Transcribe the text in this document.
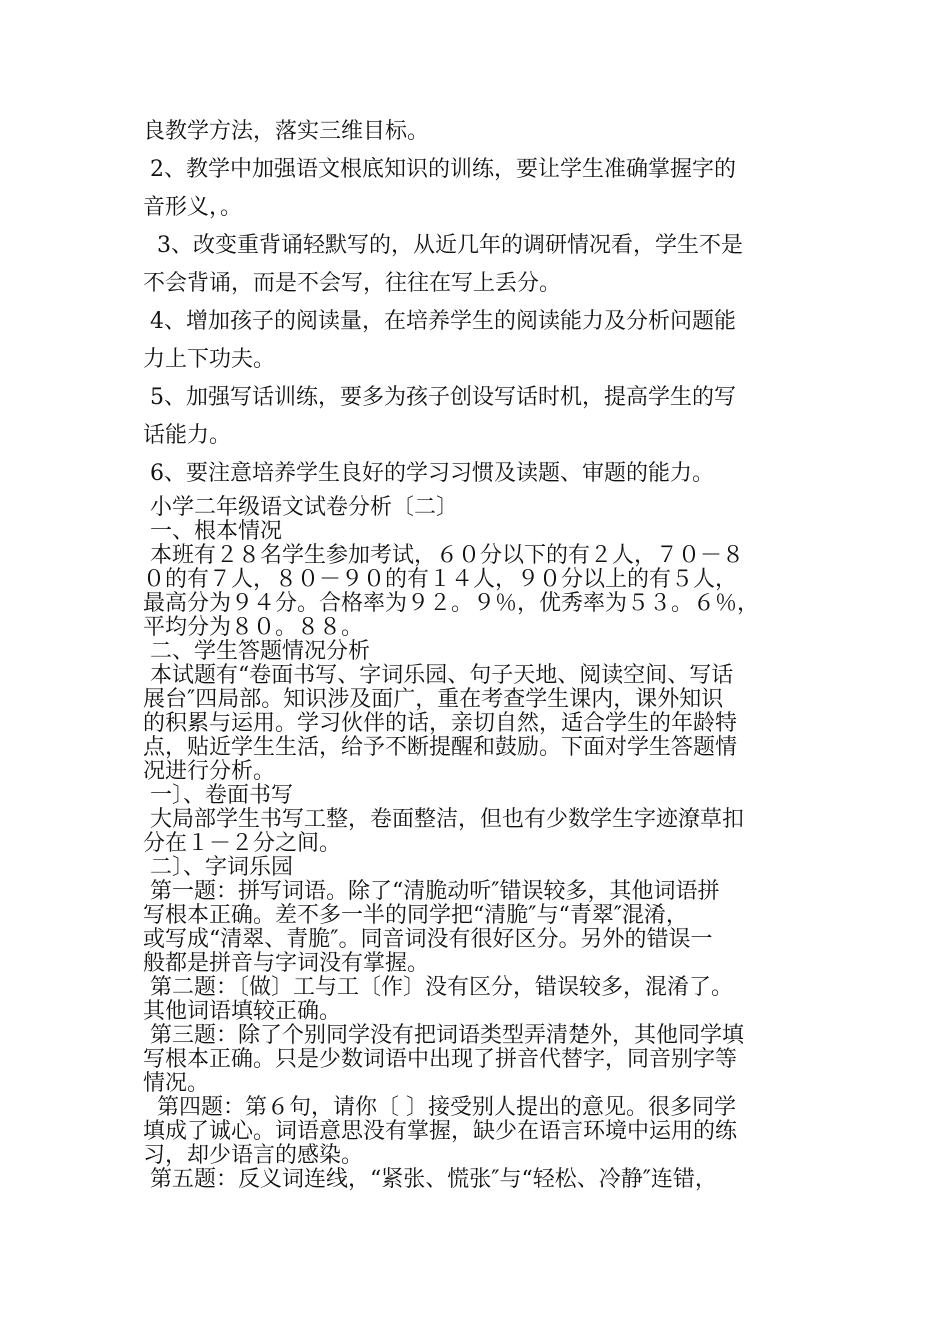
良教学方法，落实三维目标。

2、教学中加强语文根底知识的训练，要让学生准确掌握字的

音形义，。

3、改变重背诵轻默写的，从近几年的调研情况看，学生不是

不会背诵，而是不会写，往往在写上丢分。

4、增加孩子的阅读量，在培养学生的阅读能力及分析问题能

力上下功夫。

5、加强写话训练，要多为孩子创设写话时机，提高学生的写

话能力。

6、要注意培养学生良好的学习习惯及读题、审题的能力。

小学二年级语文试卷分析〔二〕

一、根本情况

本班有２８名学生参加考试，６０分以下的有２人，７０－８

０的有７人，８０－９０的有１４人，９０分以上的有５人，

最高分为９４分。合格率为９２。９％，优秀率为５３。６％，

平均分为８０。８８。

二、学生答题情况分析

本试题有“卷面书写、字词乐园、句子天地、阅读空间、写话

展台″四局部。知识涉及面广，重在考查学生课内，课外知识

的积累与运用。学习伙伴的话，亲切自然，适合学生的年龄特

点，贴近学生生活，给予不断提醒和鼓励。下面对学生答题情

况进行分析。

一〕、卷面书写

大局部学生书写工整，卷面整洁，但也有少数学生字迹潦草扣

分在１－２分之间。

二〕、字词乐园

第一题：拼写词语。除了“清脆动听″错误较多，其他词语拼

写根本正确。差不多一半的同学把“清脆″与“青翠″混淆，

或写成“清翠、青脆″。同音词没有很好区分。另外的错误一

般都是拼音与字词没有掌握。

第二题：〔做〕工与工〔作〕没有区分，错误较多，混淆了。

其他词语填较正确。

第三题：除了个别同学没有把词语类型弄清楚外，其他同学填

写根本正确。只是少数词语中出现了拼音代替字，同音别字等

情况。

第四题：第６句，请你〔 〕接受别人提出的意见。很多同学

填成了诚心。词语意思没有掌握，缺少在语言环境中运用的练

习，却少语言的感染。

第五题：反义词连线，“紧张、慌张″与“轻松、冷静″连错，
